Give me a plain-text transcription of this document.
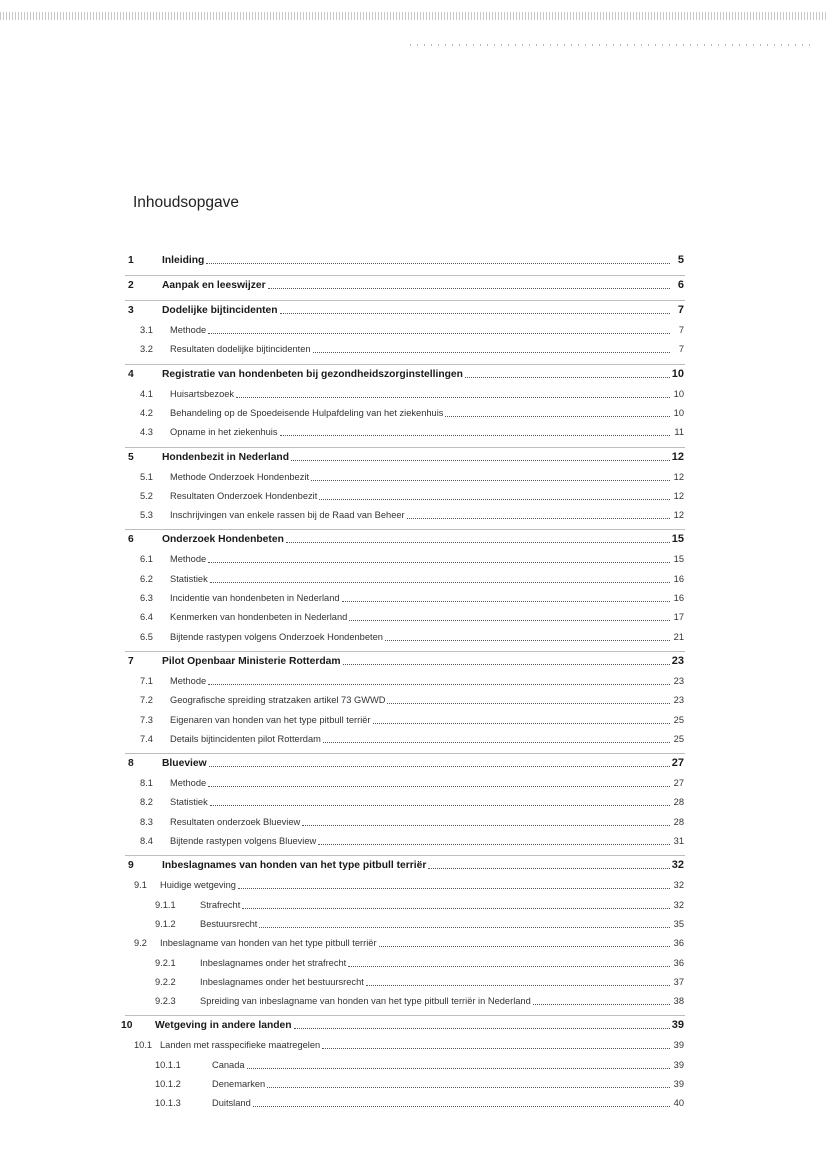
Inhoudsopgave
1	Inleiding	5
2	Aanpak en leeswijzer	6
3	Dodelijke bijtincidenten	7
3.1 Methode	7
3.2 Resultaten dodelijke bijtincidenten	7
4	Registratie van hondenbeten bij gezondheidszorginstellingen	10
4.1 Huisartsbezoek	10
4.2 Behandeling op de Spoedeisende Hulpafdeling van het ziekenhuis	10
4.3 Opname in het ziekenhuis	11
5	Hondenbezit in Nederland	12
5.1 Methode Onderzoek Hondenbezit	12
5.2 Resultaten Onderzoek Hondenbezit	12
5.3 Inschrijvingen van enkele rassen bij de Raad van Beheer	12
6	Onderzoek Hondenbeten	15
6.1 Methode	15
6.2 Statistiek	16
6.3 Incidentie van hondenbeten in Nederland	16
6.4 Kenmerken van hondenbeten in Nederland	17
6.5 Bijtende rastypen volgens Onderzoek Hondenbeten	21
7	Pilot Openbaar Ministerie Rotterdam	23
7.1 Methode	23
7.2 Geografische spreiding stratzaken artikel 73 GWWD	23
7.3 Eigenaren van honden van het type pitbull terriër	25
7.4 Details bijtincidenten pilot Rotterdam	25
8	Blueview	27
8.1 Methode	27
8.2 Statistiek	28
8.3 Resultaten onderzoek Blueview	28
8.4 Bijtende rastypen volgens Blueview	31
9	Inbeslagnames van honden van het type pitbull terriër	32
9.1 Huidige wetgeving	32
9.1.1	Strafrecht	32
9.1.2	Bestuursrecht	35
9.2 Inbeslagname van honden van het type pitbull terriër	36
9.2.1	Inbeslagnames onder het strafrecht	36
9.2.2	Inbeslagnames onder het bestuursrecht	37
9.2.3	Spreiding van inbeslagname van honden van het type pitbull terriër in Nederland	38
10 Wetgeving in andere landen	39
10.1 Landen met rasspecifieke maatregelen	39
10.1.1	Canada	39
10.1.2	Denemarken	39
10.1.3	Duitsland	40
